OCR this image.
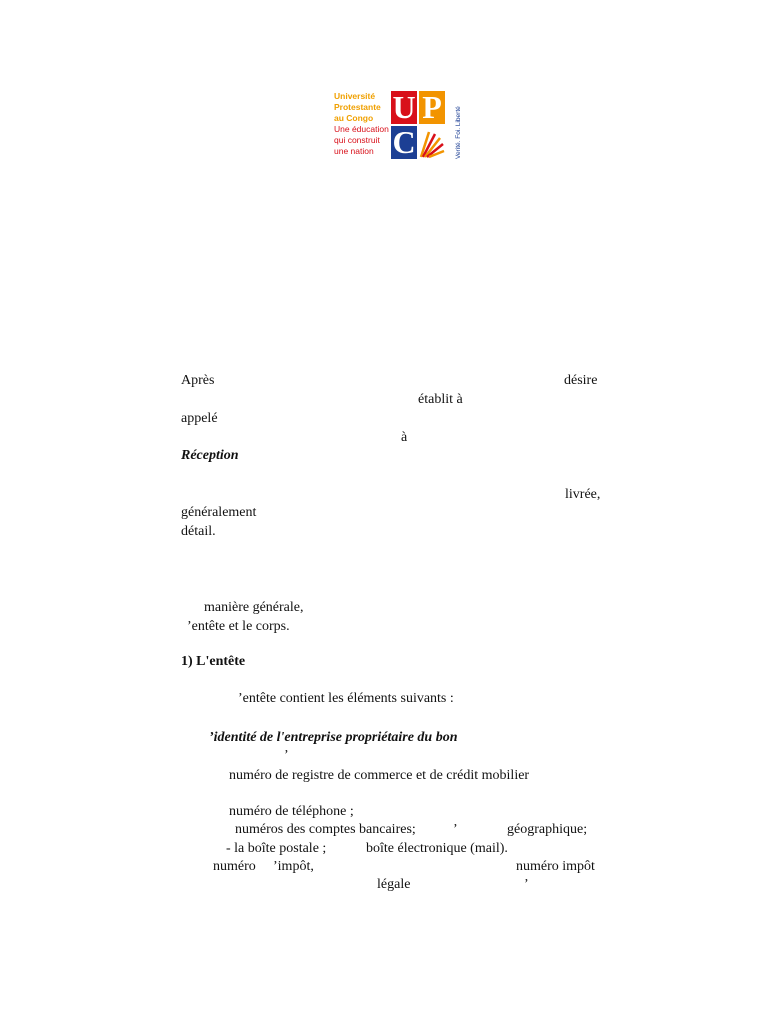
Université
Protestante
au Congo
Une éducation
qui construit
une nation
U P
C	Verité. Foi. Liberté
Après	désire
établit à
appelé
à
Réception
livrée,
généralement
détail.
manière générale,
’entête et le corps.
1) L'entête
’entête contient les éléments suivants :
’identité de l'entreprise propriétaire du bon
’
numéro de registre de commerce et de crédit mobilier
numéro de téléphone ;
numéros des comptes bancaires;	’	géographique;
- la boîte postale ;	boîte électronique (mail).
numéro ’impôt,	numéro impôt
légale	’
